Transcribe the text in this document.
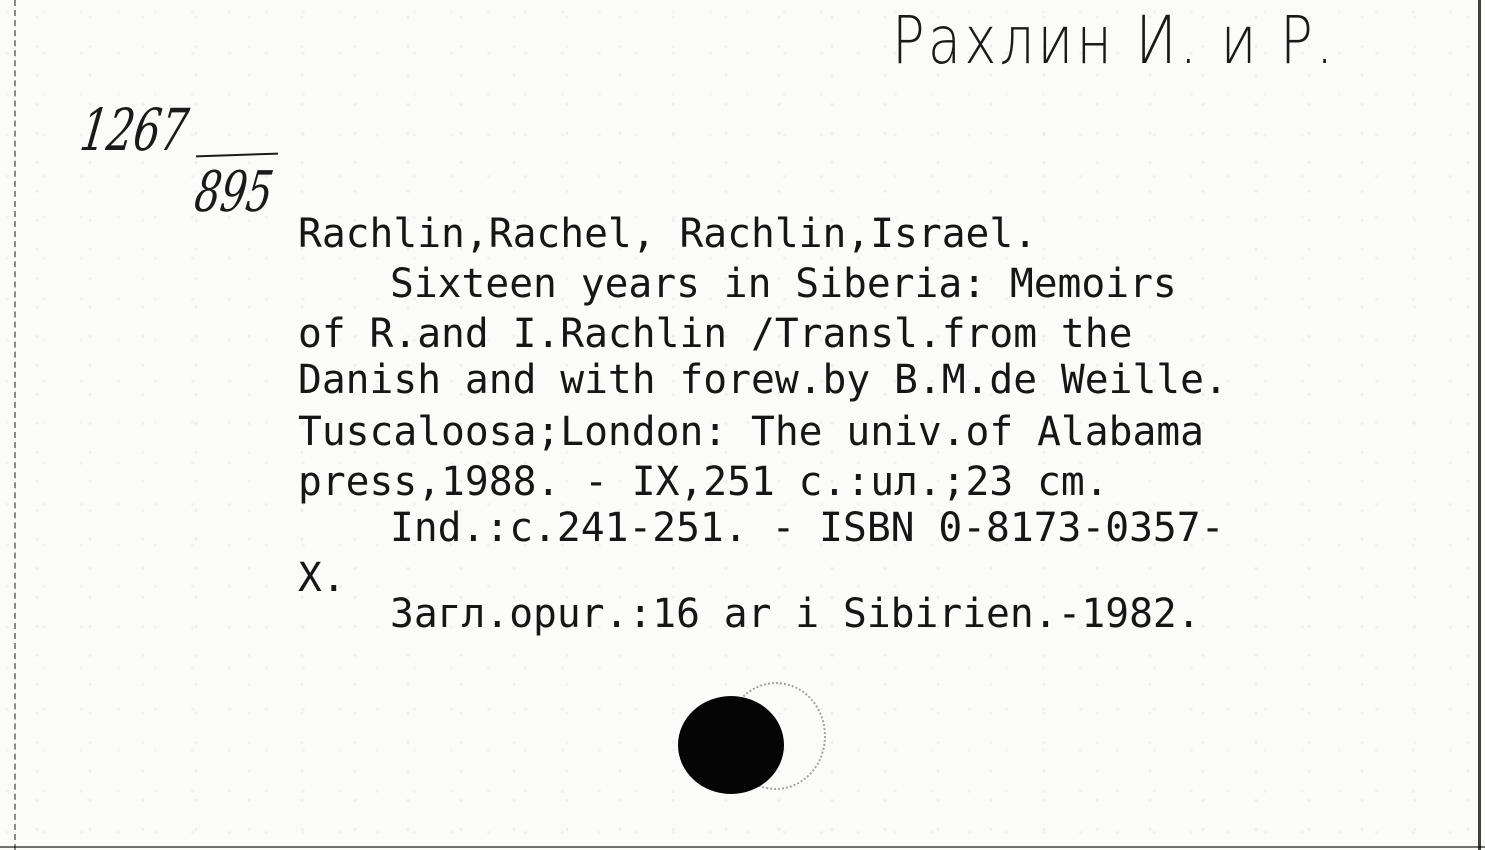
Рахлин И. и Р.
1267
895
Rachlin,Rachel, Rachlin,Israel.
Sixteen years in Siberia: Memoirs
of R.and I.Rachlin /Transl.from the
Danish and with forew.by B.M.de Weille.
Tuscaloosa;London: The univ.of Alabama
press,1988. - IX,251 c.:uл.;23 cm.
Ind.:c.241-251. - ISBN 0-8173-0357-
X.
Загл.opur.:16 ar i Sibirien.-1982.
